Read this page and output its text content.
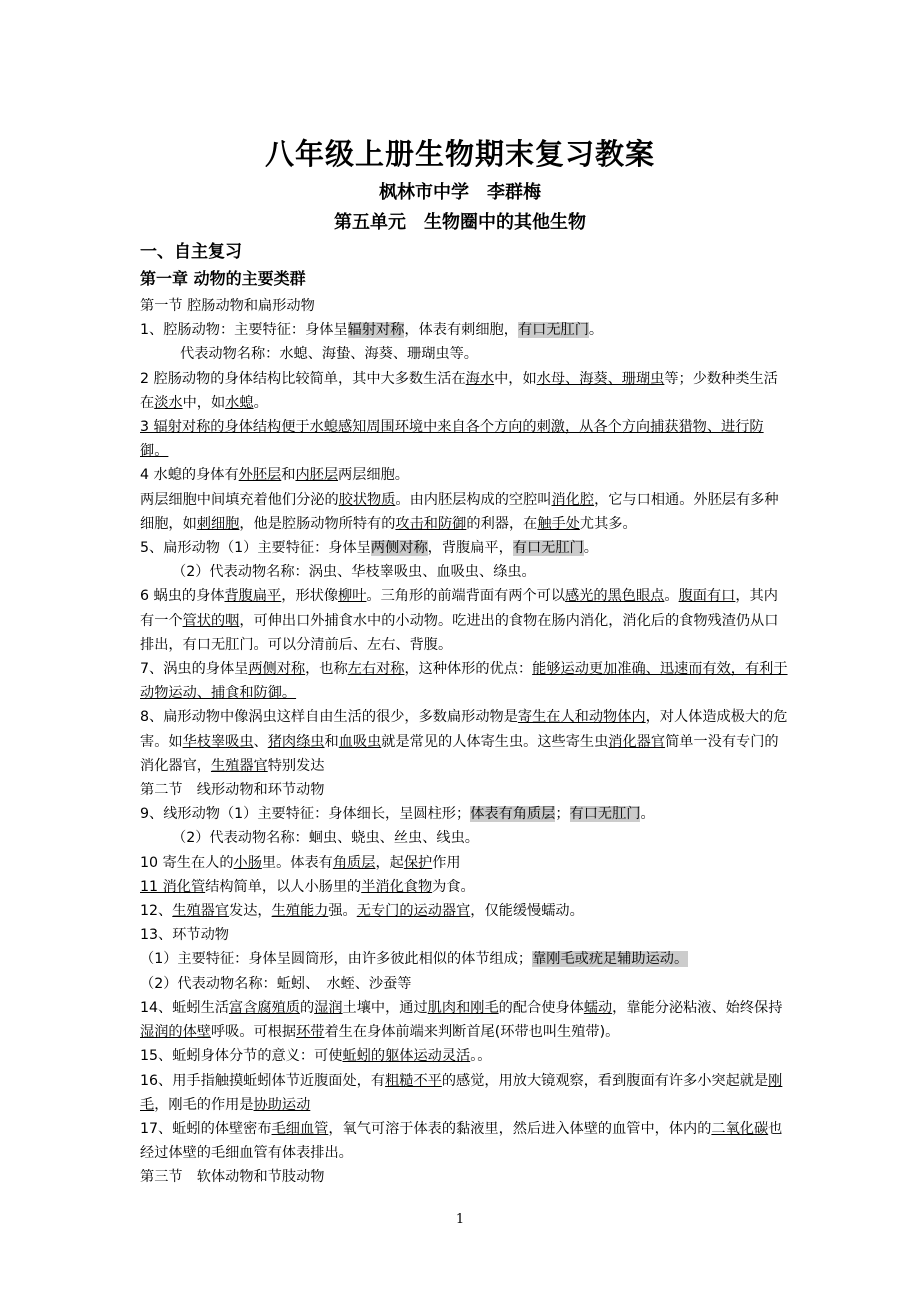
八年级上册生物期末复习教案
枫林市中学　李群梅
第五单元　生物圈中的其他生物
一、自主复习
第一章 动物的主要类群

第一节 腔肠动物和扁形动物

1、腔肠动物：主要特征：身体呈辐射对称，体表有刺细胞，有口无肛门。

代表动物名称：水螅、海蛰、海葵、珊瑚虫等。

2 腔肠动物的身体结构比较简单，其中大多数生活在海水中，如水母、海葵、珊瑚虫等；少数种类生活在淡水中，如水螅。

3 辐射对称的身体结构便于水螅感知周围环境中来自各个方向的刺激，从各个方向捕获猎物、进行防御。

4 水螅的身体有外胚层和内胚层两层细胞。

两层细胞中间填充着他们分泌的胶状物质。由内胚层构成的空腔叫消化腔，它与口相通。外胚层有多种细胞，如刺细胞，他是腔肠动物所特有的攻击和防御的利器，在触手处尤其多。

5、扁形动物（1）主要特征：身体呈两侧对称，背腹扁平，有口无肛门。

（2）代表动物名称：涡虫、华枝睾吸虫、血吸虫、绦虫。

6 蜗虫的身体背腹扁平，形状像柳叶。三角形的前端背面有两个可以感光的黑色眼点。腹面有口，其内有一个管状的咽，可伸出口外捕食水中的小动物。吃进出的食物在肠内消化，消化后的食物残渣仍从口排出，有口无肛门。可以分清前后、左右、背腹。

7、涡虫的身体呈两侧对称，也称左右对称，这种体形的优点：能够运动更加准确、迅速而有效，有利于动物运动、捕食和防御。

8、扁形动物中像涡虫这样自由生活的很少，多数扁形动物是寄生在人和动物体内，对人体造成极大的危害。如华枝睾吸虫、猪肉绦虫和血吸虫就是常见的人体寄生虫。这些寄生虫消化器官简单一没有专门的消化器官，生殖器官特别发达

第二节　线形动物和环节动物

9、线形动物（1）主要特征：身体细长，呈圆柱形；体表有角质层；有口无肛门。

（2）代表动物名称：蛔虫、蛲虫、丝虫、线虫。

10 寄生在人的小肠里。体表有角质层，起保护作用

11 消化管结构简单，以人小肠里的半消化食物为食。

12、生殖器官发达，生殖能力强。无专门的运动器官，仅能缓慢蠕动。

13、环节动物

（1）主要特征：身体呈圆筒形，由许多彼此相似的体节组成；靠刚毛或疣足辅助运动。

（2）代表动物名称：蚯蚓、　水蛭、沙蚕等

14、蚯蚓生活富含腐殖质的湿润土壤中，通过肌肉和刚毛的配合使身体蠕动，靠能分泌粘液、始终保持湿润的体壁呼吸。可根据环带着生在身体前端来判断首尾(环带也叫生殖带)。

15、蚯蚓身体分节的意义：可使蚯蚓的躯体运动灵活。。

16、用手指触摸蚯蚓体节近腹面处，有粗糙不平的感觉，用放大镜观察，看到腹面有许多小突起就是刚毛，刚毛的作用是协助运动

17、蚯蚓的体壁密布毛细血管，氧气可溶于体表的黏液里，然后进入体壁的血管中，体内的二氧化碳也经过体壁的毛细血管有体表排出。

第三节　软体动物和节肢动物

1
